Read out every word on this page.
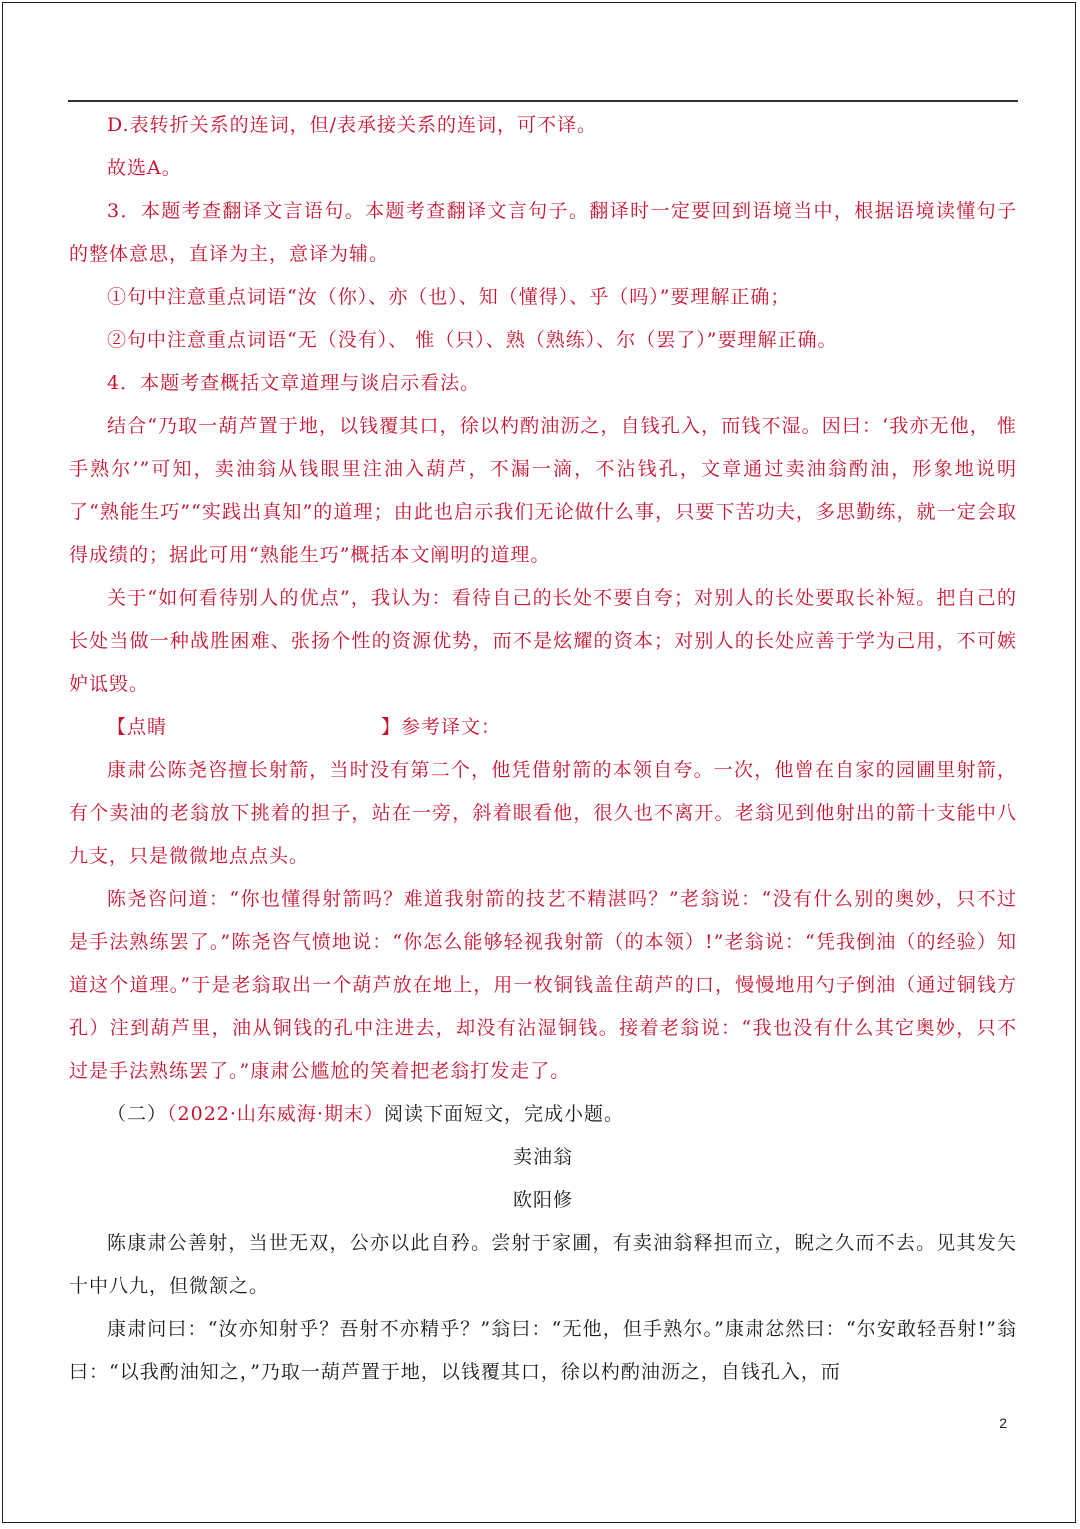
D.表转折关系的连词，但/表承接关系的连词，可不译。

故选A。

3．本题考查翻译文言语句。本题考查翻译文言句子。翻译时一定要回到语境当中，根据语境读懂句子的整体意思，直译为主，意译为辅。

①句中注意重点词语“汝（你）、亦（也）、知（懂得）、乎（吗）”要理解正确；

②句中注意重点词语“无（没有）、 惟（只）、熟（熟练）、尔（罢了）”要理解正确。

4．本题考查概括文章道理与谈启示看法。

结合“乃取一葫芦置于地，以钱覆其口，徐以杓酌油沥之，自钱孔入，而钱不湿。因曰：‘我亦无他， 惟手熟尔’”可知，卖油翁从钱眼里注油入葫芦，不漏一滴，不沾钱孔，文章通过卖油翁酌油，形象地说明了“熟能生巧”“实践出真知”的道理；由此也启示我们无论做什么事，只要下苦功夫，多思勤练，就一定会取得成绩的；据此可用“熟能生巧”概括本文阐明的道理。

关于“如何看待别人的优点”，我认为：看待自己的长处不要自夸；对别人的长处要取长补短。把自己的长处当做一种战胜困难、张扬个性的资源优势，而不是炫耀的资本；对别人的长处应善于学为己用，不可嫉妒诋毁。

【点睛	】参考译文：

康肃公陈尧咨擅长射箭，当时没有第二个，他凭借射箭的本领自夸。一次，他曾在自家的园圃里射箭，有个卖油的老翁放下挑着的担子，站在一旁，斜着眼看他，很久也不离开。老翁见到他射出的箭十支能中八九支，只是微微地点点头。

陈尧咨问道：“你也懂得射箭吗？难道我射箭的技艺不精湛吗？”老翁说：“没有什么别的奥妙，只不过是手法熟练罢了。”陈尧咨气愤地说：“你怎么能够轻视我射箭（的本领）!”老翁说：“凭我倒油（的经验）知道这个道理。”于是老翁取出一个葫芦放在地上，用一枚铜钱盖住葫芦的口，慢慢地用勺子倒油（通过铜钱方孔）注到葫芦里，油从铜钱的孔中注进去，却没有沾湿铜钱。接着老翁说：“我也没有什么其它奥妙，只不过是手法熟练罢了。”康肃公尴尬的笑着把老翁打发走了。

（二）（2022·山东威海·期末）阅读下面短文，完成小题。

卖油翁

欧阳修

陈康肃公善射，当世无双，公亦以此自矜。尝射于家圃，有卖油翁释担而立，睨之久而不去。见其发矢十中八九，但微颔之。

康肃问曰：“汝亦知射乎？吾射不亦精乎？”翁曰：“无他，但手熟尔。”康肃忿然曰：“尔安敢轻吾射!”翁曰：“以我酌油知之，”乃取一葫芦置于地，以钱覆其口，徐以杓酌油沥之，自钱孔入，而

2
